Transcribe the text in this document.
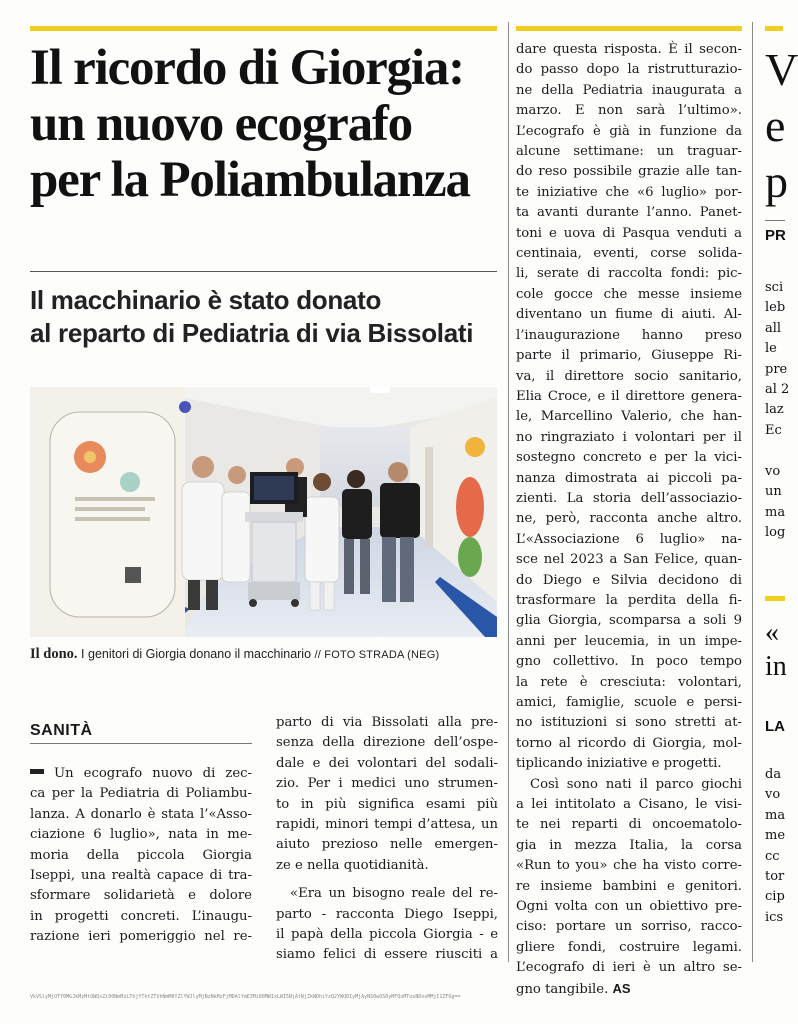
Il ricordo di Giorgia:
un nuovo ecografo
per la Poliambulanza
Il macchinario è stato donato
al reparto di Pediatria di via Bissolati
Il dono. I genitori di Giorgia donano il macchinario // FOTO STRADA (NEG)
SANITÀ
Un ecografo nuovo di zec-
ca per la Pediatria di Poliambu-
lanza. A donarlo è stata l’«Asso-
ciazione 6 luglio», nata in me-
moria della piccola Giorgia
Iseppi, una realtà capace di tra-
sformare solidarietà e dolore
in progetti concreti. L’inaugu-
razione ieri pomeriggio nel re-
parto di via Bissolati alla pre-
senza della direzione dell’ospe-
dale e dei volontari del sodali-
zio. Per i medici uno strumen-
to in più significa esami più
rapidi, minori tempi d’attesa, un
aiuto prezioso nelle emergen-
ze e nella quotidianità.
«Era un bisogno reale del re-
parto - racconta Diego Iseppi,
il papà della piccola Giorgia - e
siamo felici di essere riusciti a
dare questa risposta. È il secon-
do passo dopo la ristrutturazio-
ne della Pediatria inaugurata a
marzo. E non sarà l’ultimo».
L’ecografo è già in funzione da
alcune settimane: un traguar-
do reso possibile grazie alle tan-
te iniziative che «6 luglio» por-
ta avanti durante l’anno. Panet-
toni e uova di Pasqua venduti a
centinaia, eventi, corse solida-
li, serate di raccolta fondi: pic-
cole gocce che messe insieme
diventano un fiume di aiuti. Al-
l’inaugurazione hanno preso
parte il primario, Giuseppe Ri-
va, il direttore socio sanitario,
Elia Croce, e il direttore genera-
le, Marcellino Valerio, che han-
no ringraziato i volontari per il
sostegno concreto e per la vici-
nanza dimostrata ai piccoli pa-
zienti. La storia dell’associazio-
ne, però, racconta anche altro.
L’«Associazione 6 luglio» na-
sce nel 2023 a San Felice, quan-
do Diego e Silvia decidono di
trasformare la perdita della fi-
glia Giorgia, scomparsa a soli 9
anni per leucemia, in un impe-
gno collettivo. In poco tempo
la rete è cresciuta: volontari,
amici, famiglie, scuole e persi-
no istituzioni si sono stretti at-
torno al ricordo di Giorgia, mol-
tiplicando iniziative e progetti.
Così sono nati il parco giochi
a lei intitolato a Cisano, le visi-
te nei reparti di oncoematolo-
gia in mezza Italia, la corsa
«Run to you» che ha visto corre-
re insieme bambini e genitori.
Ogni volta con un obiettivo pre-
ciso: portare un sorriso, racco-
gliere fondi, costruire legami.
L’ecografo di ieri è un altro se-
gno tangibile. AS
V
e
p
PR
sci
leb
all
le
pre
al 2
laz
Ec
vo
un
ma
log
«
in
LA
da
vo
ma
me
cc
tor
cip
ics
VkVSlyMjOTY0MGJkMzMtOWQxZi00NmMzLThjYTktZTVhNmM0YZlYWJlyMjNzNkMzFjMDAlYmE3Mi00MWIxLWI5NjAtNjZkNDhiYzQ2YWQ0IyMjAyNS0wOS0yMFQxMToxNDoxMMjI1ZFUg==
